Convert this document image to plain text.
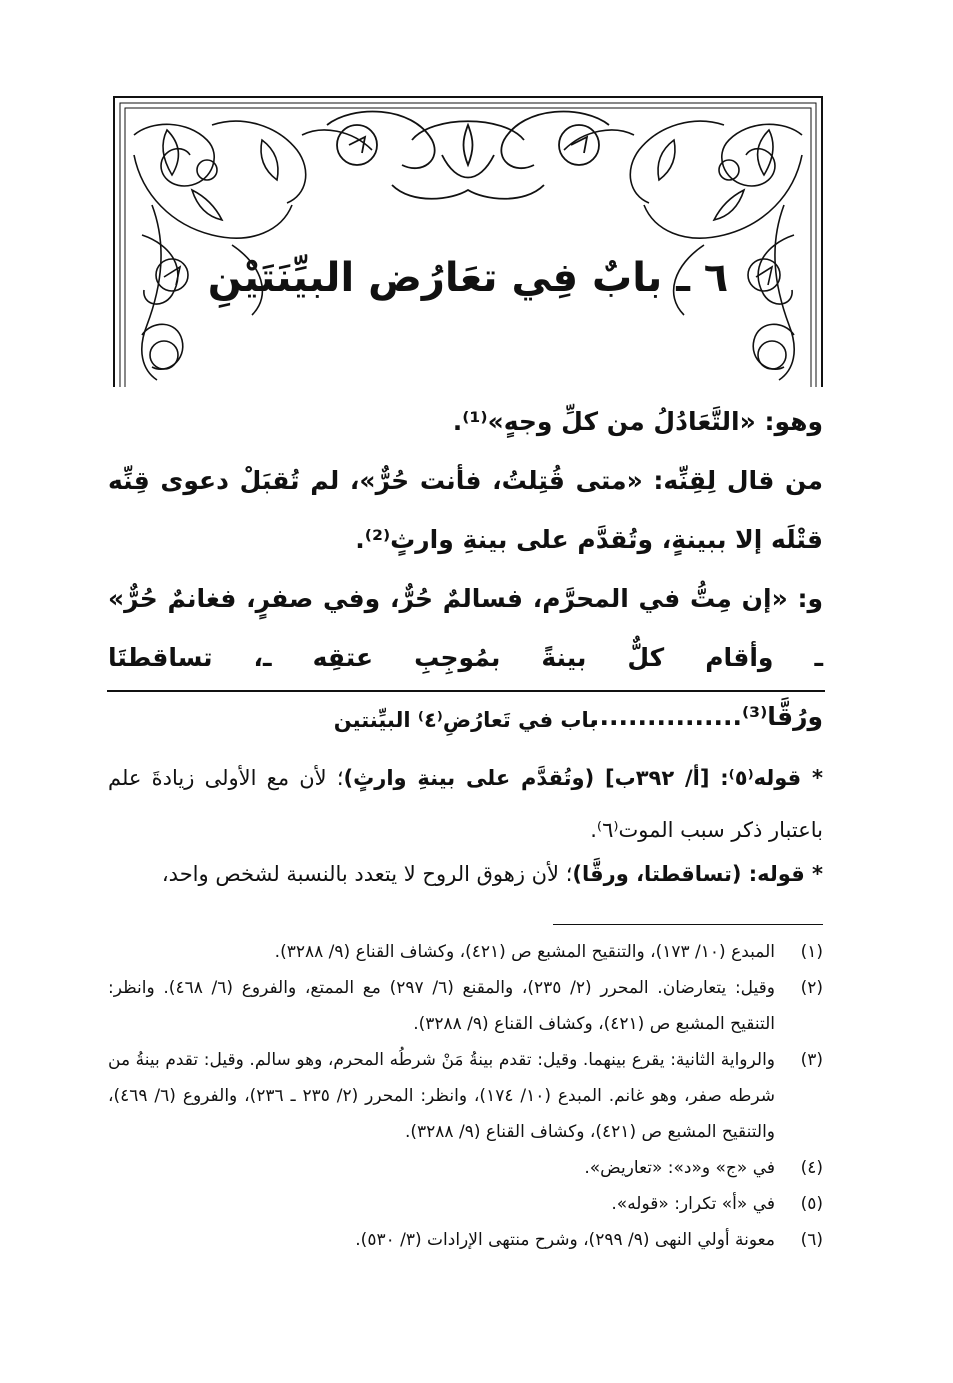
٦ ـ بابٌ فِي تعَارُض البيِّنَتَيْنِ

وهو: «التَّعَادُلُ من كلِّ وجهٍ»⁽¹⁾.

من قال لِقِنِّه: «متى قُتِلتُ، فأنت حُرٌّ»، لم تُقبَلْ دعوى قِنِّه قتْلَه إلا ببينةٍ، وتُقدَّم على بينةِ وارثٍ⁽²⁾.

و: «إن مِتُّ في المحرَّم، فسالمٌ حُرٌّ، وفي صفرٍ، فغانمٌ حُرٌّ» ـ وأقام كلٌّ بينةً بمُوجِبِ عتقِه ـ، تساقطتَا ورُقَّا⁽³⁾................

باب في تَعارُضِ⁽٤⁾ البيِّنتين

* قوله⁽٥⁾: [أ/ ٣٩٢ب] (وتُقدَّم على بينةِ وارثٍ)؛ لأن مع الأولى زيادةَ علم باعتبار ذكر سبب الموت⁽٦⁾.

* قوله: (تساقطتا، ورقَّا)؛ لأن زهوق الروح لا يتعدد بالنسبة لشخص واحد،

(١)
المبدع (١٠/ ١٧٣)، والتنقيح المشبع ص (٤٢١)، وكشاف القناع (٩/ ٣٢٨٨).
(٢)
وقيل: يتعارضان. المحرر (٢/ ٢٣٥)، والمقنع (٦/ ٢٩٧) مع الممتع، والفروع (٦/ ٤٦٨). وانظر: التنقيح المشبع ص (٤٢١)، وكشاف القناع (٩/ ٣٢٨٨).
(٣)
والرواية الثانية: يقرع بينهما. وقيل: تقدم بينةُ مَنْ شرطُه المحرم، وهو سالم. وقيل: تقدم بينةُ من شرطه صفر، وهو غانم. المبدع (١٠/ ١٧٤)، وانظر: المحرر (٢/ ٢٣٥ ـ ٢٣٦)، والفروع (٦/ ٤٦٩)، والتنقيح المشبع ص (٤٢١)، وكشاف القناع (٩/ ٣٢٨٨).
(٤)
في «ج» و«د»: «تعاريض».
(٥)
في «أ» تكرار: «قوله».
(٦)
معونة أولي النهى (٩/ ٢٩٩)، وشرح منتهى الإرادات (٣/ ٥٣٠).
